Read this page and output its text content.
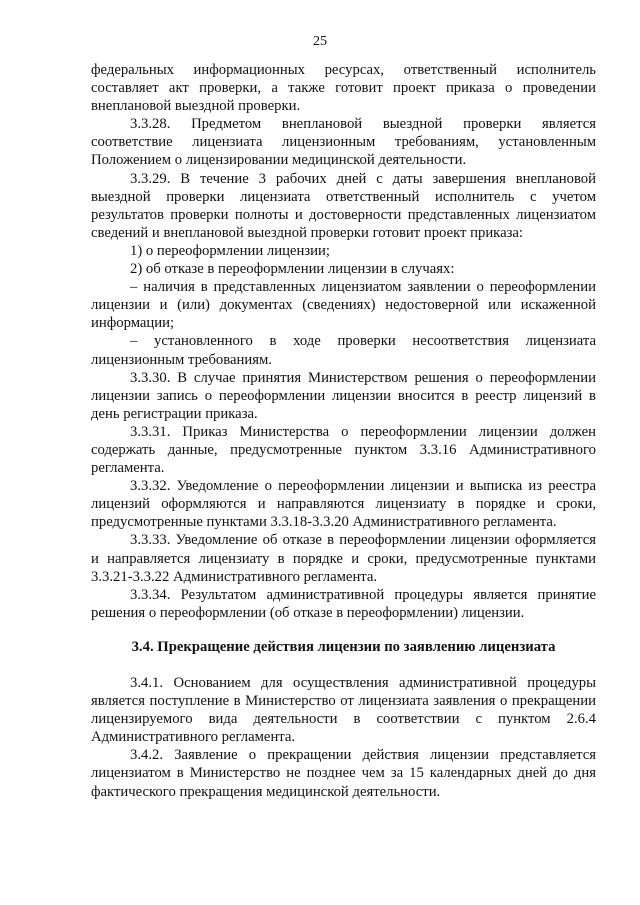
25

федеральных информационных ресурсах, ответственный исполнитель составляет акт проверки, а также готовит проект приказа о проведении внеплановой выездной проверки.

3.3.28. Предметом внеплановой выездной проверки является соответствие лицензиата лицензионным требованиям, установленным Положением о лицензировании медицинской деятельности.

3.3.29. В течение 3 рабочих дней с даты завершения внеплановой выездной проверки лицензиата ответственный исполнитель с учетом результатов проверки полноты и достоверности представленных лицензиатом сведений и внеплановой выездной проверки готовит проект приказа:

1) о переоформлении лицензии;

2) об отказе в переоформлении лицензии в случаях:

– наличия в представленных лицензиатом заявлении о переоформлении лицензии и (или) документах (сведениях) недостоверной или искаженной информации;

– установленного в ходе проверки несоответствия лицензиата лицензионным требованиям.

3.3.30. В случае принятия Министерством решения о переоформлении лицензии запись о переоформлении лицензии вносится в реестр лицензий в день регистрации приказа.

3.3.31. Приказ Министерства о переоформлении лицензии должен содержать данные, предусмотренные пунктом 3.3.16 Административного регламента.

3.3.32. Уведомление о переоформлении лицензии и выписка из реестра лицензий оформляются и направляются лицензиату в порядке и сроки, предусмотренные пунктами 3.3.18-3.3.20 Административного регламента.

3.3.33. Уведомление об отказе в переоформлении лицензии оформляется и направляется лицензиату в порядке и сроки, предусмотренные пунктами 3.3.21-3.3.22 Административного регламента.

3.3.34. Результатом административной процедуры является принятие решения о переоформлении (об отказе в переоформлении) лицензии.

3.4. Прекращение действия лицензии по заявлению лицензиата

3.4.1. Основанием для осуществления административной процедуры является поступление в Министерство от лицензиата заявления о прекращении лицензируемого вида деятельности в соответствии с пунктом 2.6.4 Административного регламента.

3.4.2. Заявление о прекращении действия лицензии представляется лицензиатом в Министерство не позднее чем за 15 календарных дней до дня фактического прекращения медицинской деятельности.
